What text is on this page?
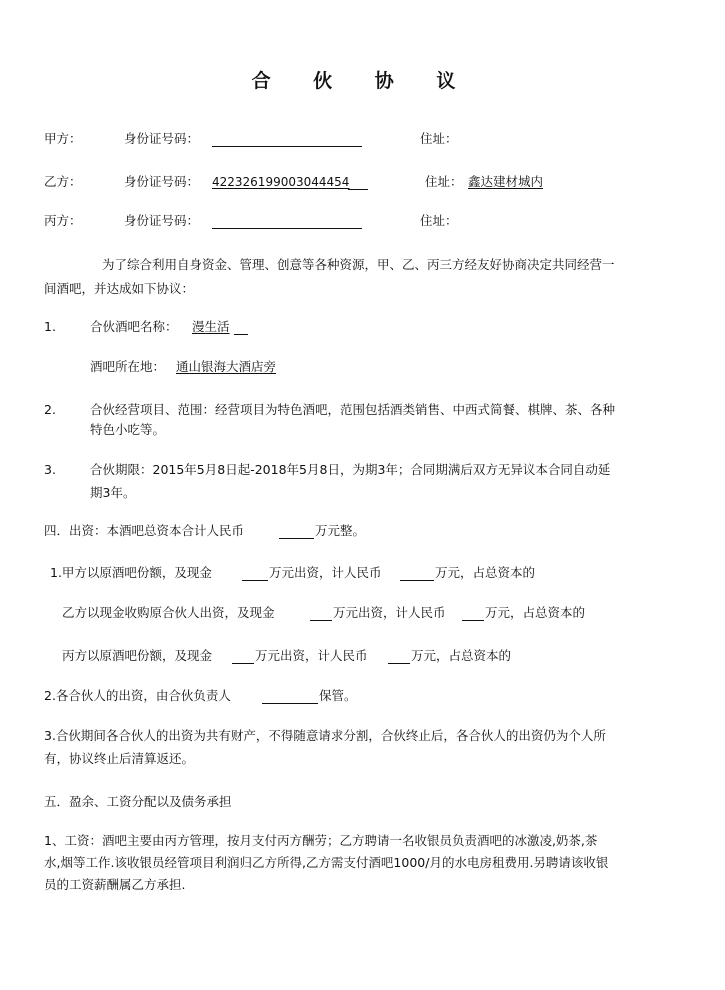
合 伙 协 议
甲方：	身份证号码：	住址：
乙方：	身份证号码： 422326199003044454	住址： 鑫达建材城内
丙方：	身份证号码：	住址：
为了综合利用自身资金、管理、创意等各种资源，甲、乙、丙三方经友好协商决定共同经营一
间酒吧，并达成如下协议：
1.	合伙酒吧名称： 漫生活
酒吧所在地： 通山银海大酒店旁
2.	合伙经营项目、范围：经营项目为特色酒吧，范围包括酒类销售、中西式简餐、棋牌、茶、各种
特色小吃等。
3.	合伙期限：2015年5月8日起-2018年5月8日，为期3年；合同期满后双方无异议本合同自动延
期3年。
四．出资：本酒吧总资本合计人民币	万元整。
1.甲方以原酒吧份额，及现金	万元出资，计人民币	万元，占总资本的
乙方以现金收购原合伙人出资，及现金	万元出资，计人民币	万元，占总资本的
丙方以原酒吧份额，及现金	万元出资，计人民币	万元，占总资本的
2.各合伙人的出资，由合伙负责人	保管。
3.合伙期间各合伙人的出资为共有财产，不得随意请求分割，合伙终止后，各合伙人的出资仍为个人所
有，协议终止后清算返还。
五．盈余、工资分配以及债务承担
1、工资：酒吧主要由丙方管理，按月支付丙方酬劳；乙方聘请一名收银员负责酒吧的冰激凌,奶茶,茶
水,烟等工作.该收银员经管项目利润归乙方所得,乙方需支付酒吧1000/月的水电房租费用.另聘请该收银
员的工资薪酬属乙方承担.
